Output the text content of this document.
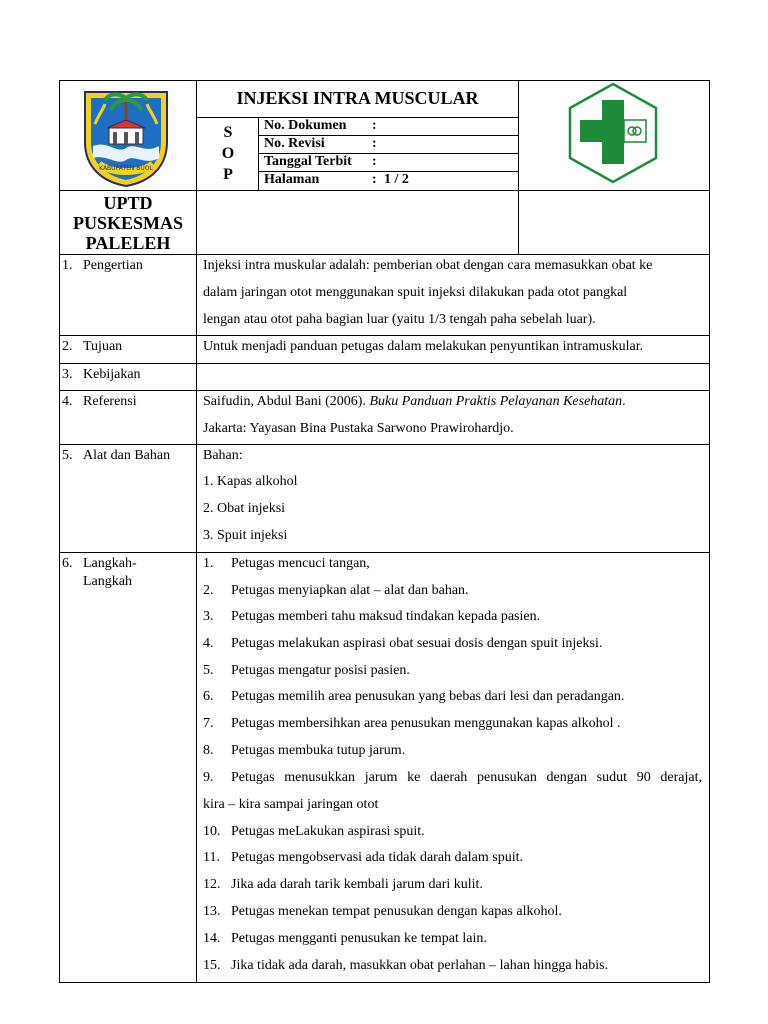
KABUPATEN BUOL
INJEKSI INTRA MUSCULAR
S
O
P
No. Dokumen :
No. Revisi	:
Tanggal Terbit :
Halaman	: 1 / 2
UPTD
PUSKESMAS
PALELEH
1. Pengertian	Injeksi intra muskular adalah: pemberian obat dengan cara memasukkan obat ke
dalam jaringan otot menggunakan spuit injeksi dilakukan pada otot pangkal
lengan atau otot paha bagian luar (yaitu 1/3 tengah paha sebelah luar).
2. Tujuan	Untuk menjadi panduan petugas dalam melakukan penyuntikan intramuskular.
3. Kebijakan
4. Referensi	Saifudin, Abdul Bani (2006). Buku Panduan Praktis Pelayanan Kesehatan.
Jakarta: Yayasan Bina Pustaka Sarwono Prawirohardjo.
5. Alat dan Bahan	Bahan:
1. Kapas alkohol
2. Obat injeksi
3. Spuit injeksi
6. Langkah-
Langkah
1. Petugas mencuci tangan,
2. Petugas menyiapkan alat – alat dan bahan.
3. Petugas memberi tahu maksud tindakan kepada pasien.
4. Petugas melakukan aspirasi obat sesuai dosis dengan spuit injeksi.
5. Petugas mengatur posisi pasien.
6. Petugas memilih area penusukan yang bebas dari lesi dan peradangan.
7. Petugas membersihkan area penusukan menggunakan kapas alkohol .
8. Petugas membuka tutup jarum.
9. Petugas menusukkan jarum ke daerah penusukan dengan sudut 90 derajat,
kira – kira sampai jaringan otot
10. Petugas meLakukan aspirasi spuit.
11. Petugas mengobservasi ada tidak darah dalam spuit.
12. Jika ada darah tarik kembali jarum dari kulit.
13. Petugas menekan tempat penusukan dengan kapas alkohol.
14. Petugas mengganti penusukan ke tempat lain.
15. Jika tidak ada darah, masukkan obat perlahan – lahan hingga habis.
